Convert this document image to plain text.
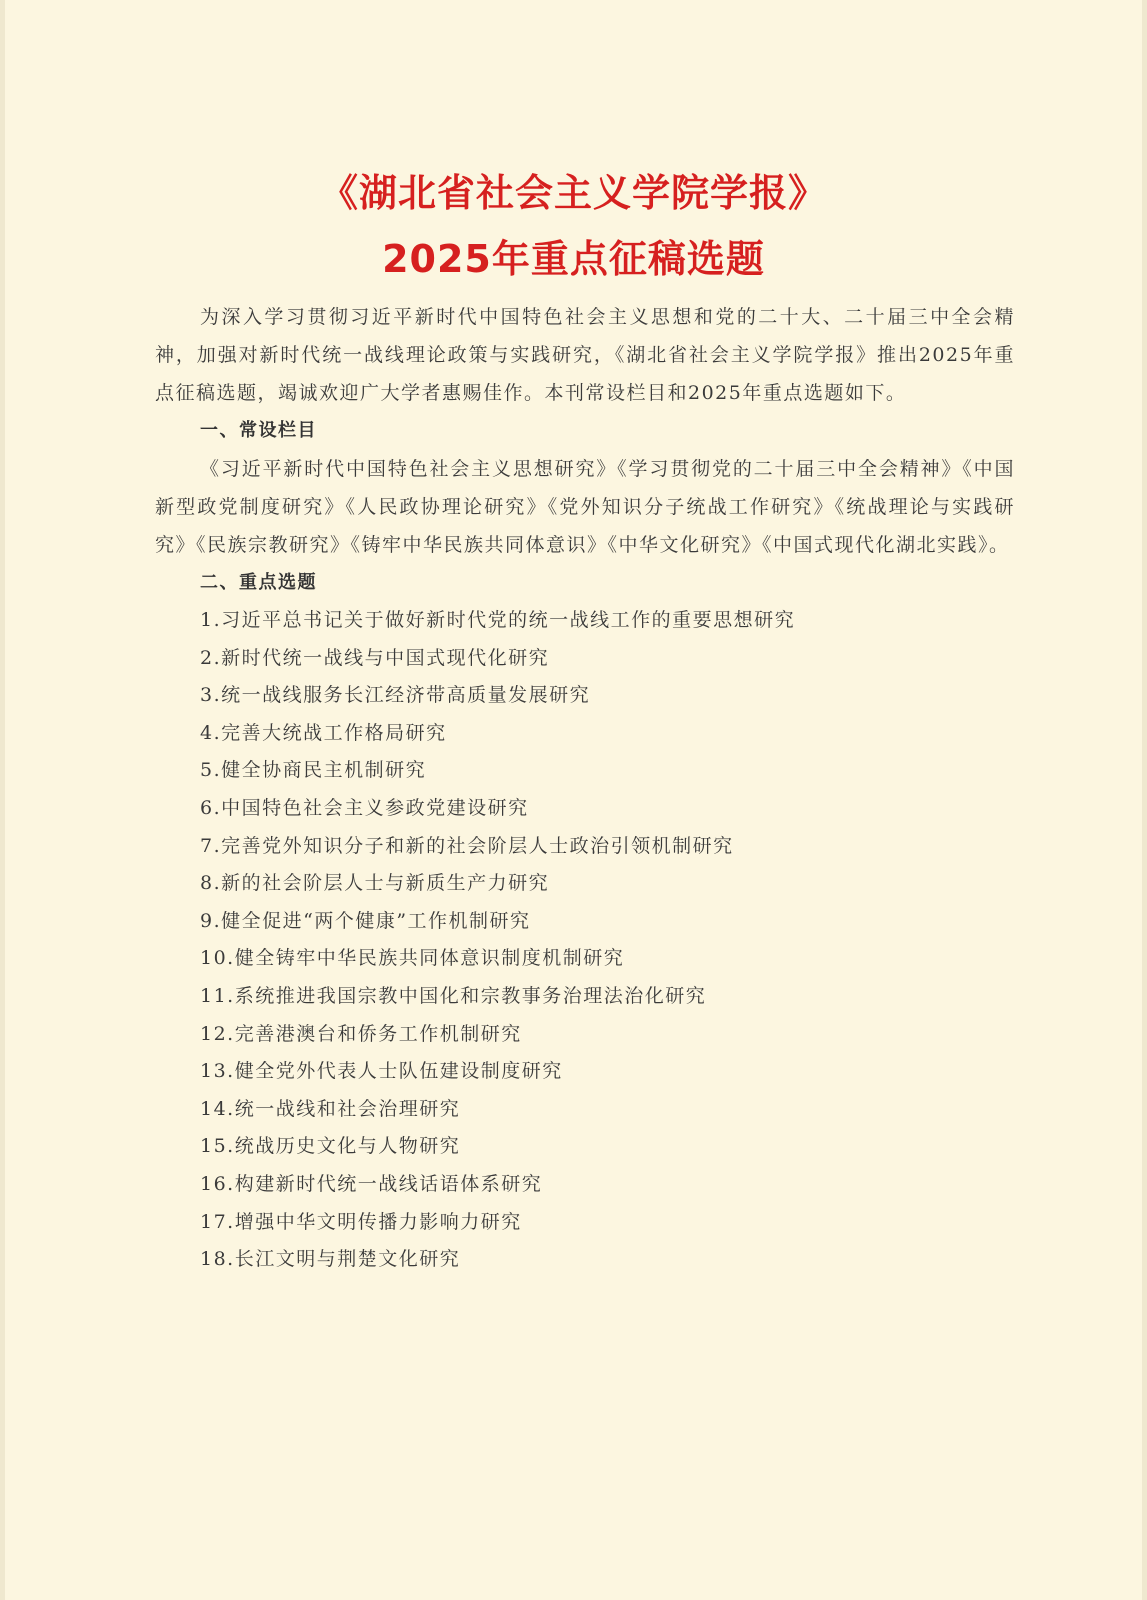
《湖北省社会主义学院学报》

2025年重点征稿选题

为深入学习贯彻习近平新时代中国特色社会主义思想和党的二十大、二十届三中全会精神，加强对新时代统一战线理论政策与实践研究，《湖北省社会主义学院学报》推出2025年重点征稿选题，竭诚欢迎广大学者惠赐佳作。本刊常设栏目和2025年重点选题如下。

一、常设栏目

《习近平新时代中国特色社会主义思想研究》《学习贯彻党的二十届三中全会精神》《中国新型政党制度研究》《人民政协理论研究》《党外知识分子统战工作研究》《统战理论与实践研究》《民族宗教研究》《铸牢中华民族共同体意识》《中华文化研究》《中国式现代化湖北实践》。

二、重点选题

1.习近平总书记关于做好新时代党的统一战线工作的重要思想研究
2.新时代统一战线与中国式现代化研究
3.统一战线服务长江经济带高质量发展研究
4.完善大统战工作格局研究
5.健全协商民主机制研究
6.中国特色社会主义参政党建设研究
7.完善党外知识分子和新的社会阶层人士政治引领机制研究
8.新的社会阶层人士与新质生产力研究
9.健全促进“两个健康”工作机制研究
10.健全铸牢中华民族共同体意识制度机制研究
11.系统推进我国宗教中国化和宗教事务治理法治化研究
12.完善港澳台和侨务工作机制研究
13.健全党外代表人士队伍建设制度研究
14.统一战线和社会治理研究
15.统战历史文化与人物研究
16.构建新时代统一战线话语体系研究
17.增强中华文明传播力影响力研究
18.长江文明与荆楚文化研究
